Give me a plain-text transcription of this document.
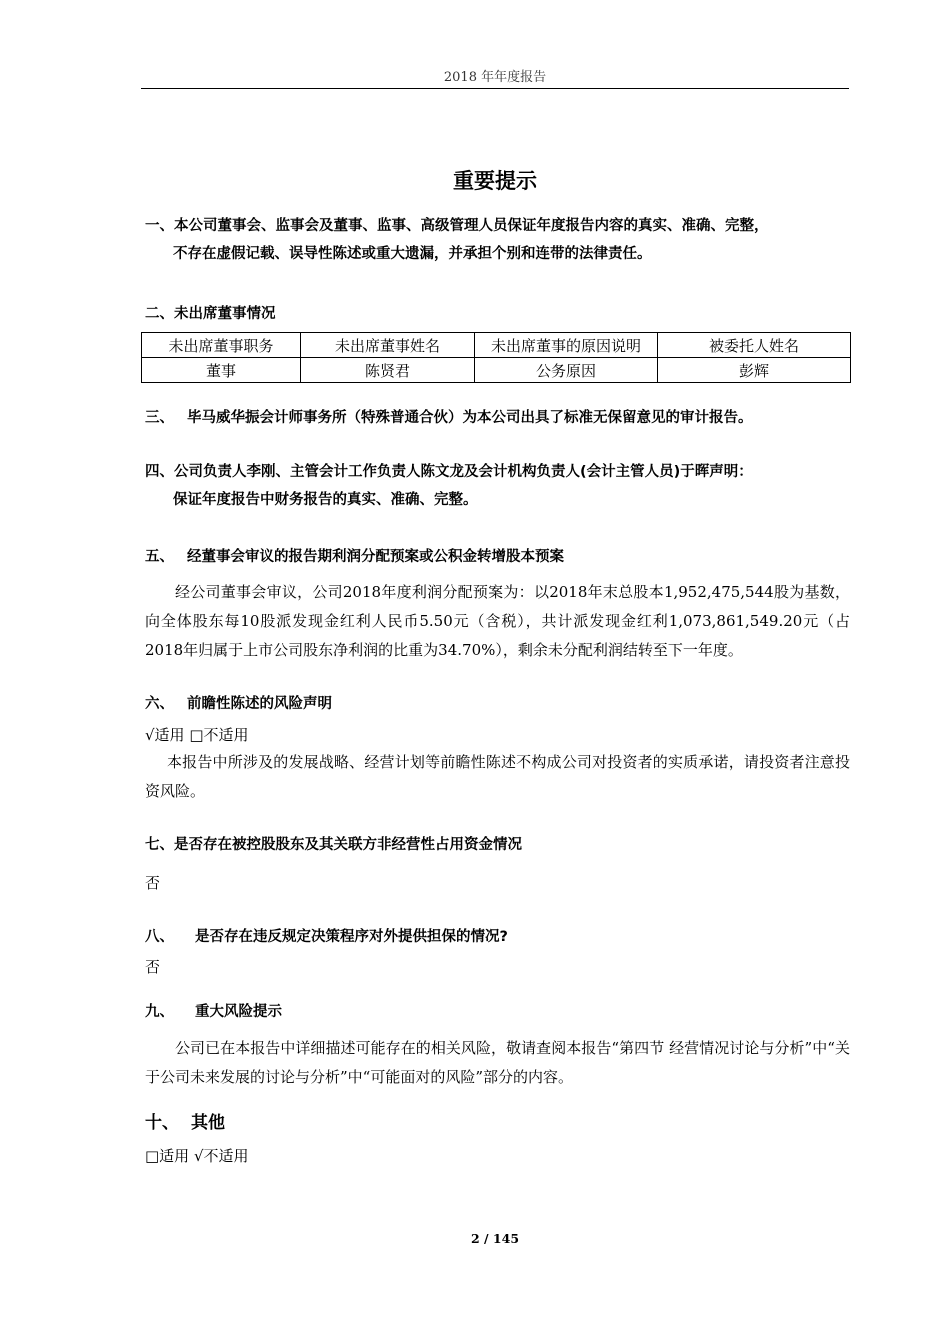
2018 年年度报告
重要提示
一、本公司董事会、监事会及董事、监事、高级管理人员保证年度报告内容的真实、准确、完整，
不存在虚假记载、误导性陈述或重大遗漏，并承担个别和连带的法律责任。
二、未出席董事情况
未出席董事职务	未出席董事姓名	未出席董事的原因说明	被委托人姓名
董事	陈贤君	公务原因	彭辉
三、 毕马威华振会计师事务所（特殊普通合伙）为本公司出具了标准无保留意见的审计报告。
四、公司负责人李刚、主管会计工作负责人陈文龙及会计机构负责人(会计主管人员)于晖声明：
保证年度报告中财务报告的真实、准确、完整。
五、 经董事会审议的报告期利润分配预案或公积金转增股本预案
经公司董事会审议，公司2018年度利润分配预案为：以2018年末总股本1,952,475,544股为基数，向全体股东每10股派发现金红利人民币5.50元（含税），共计派发现金红利1,073,861,549.20元（占2018年归属于上市公司股东净利润的比重为34.70%），剩余未分配利润结转至下一年度。
六、 前瞻性陈述的风险声明
√适用 □不适用
本报告中所涉及的发展战略、经营计划等前瞻性陈述不构成公司对投资者的实质承诺，请投资者注意投资风险。
七、是否存在被控股股东及其关联方非经营性占用资金情况
否
八、 是否存在违反规定决策程序对外提供担保的情况?
否
九、 重大风险提示
公司已在本报告中详细描述可能存在的相关风险，敬请查阅本报告“第四节 经营情况讨论与分析”中“关于公司未来发展的讨论与分析”中“可能面对的风险”部分的内容。
十、 其他
□适用 √不适用
2 / 145
